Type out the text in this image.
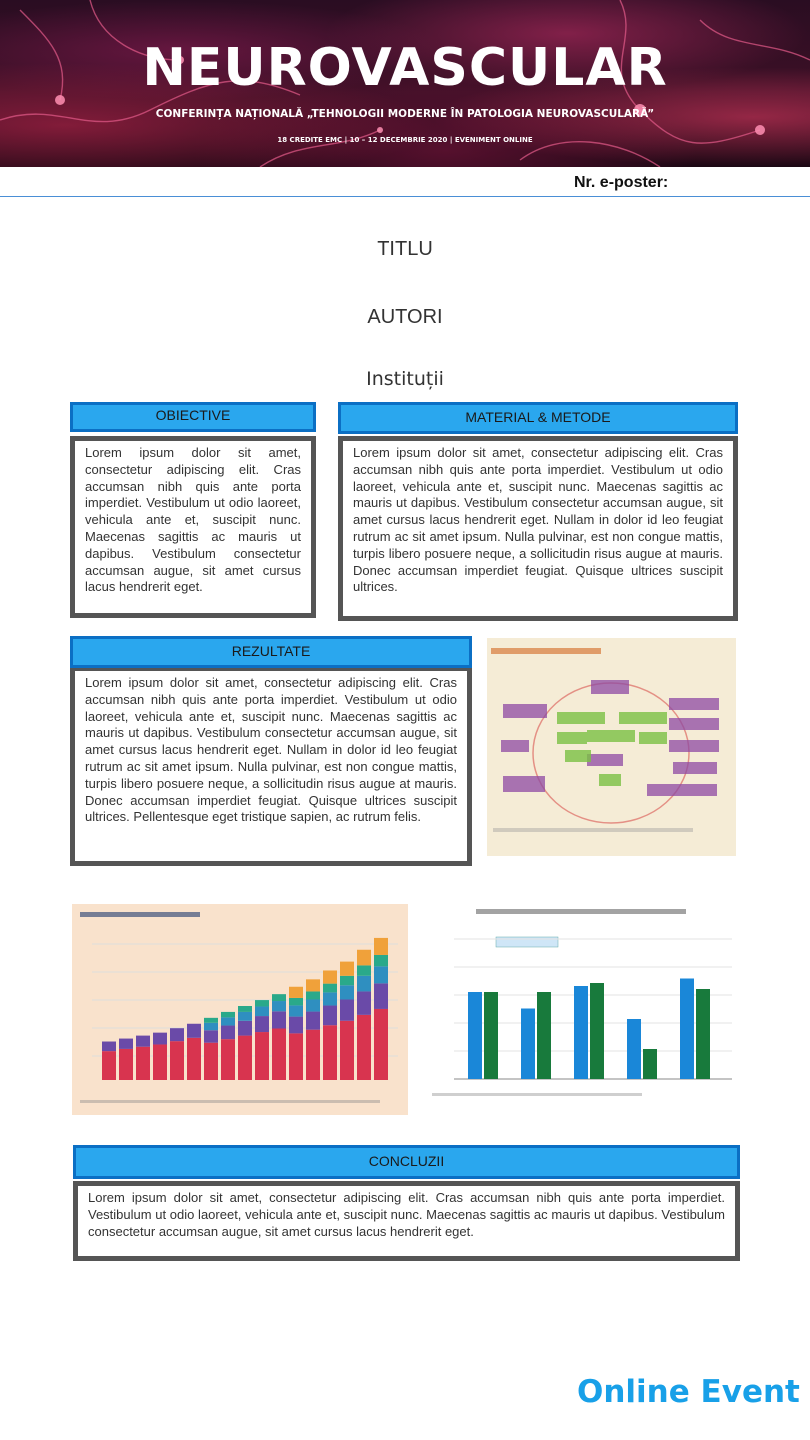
NEUROVASCULAR
CONFERINȚA NAȚIONALĂ „TEHNOLOGII MODERNE ÎN PATOLOGIA NEUROVASCULARĂ”
18 CREDITE EMC | 10 – 12 DECEMBRIE 2020 | EVENIMENT ONLINE
Nr. e-poster:
TITLU
AUTORI
Instituții
OBIECTIVE
Lorem ipsum dolor sit amet, consectetur adipiscing elit. Cras accumsan nibh quis ante porta imperdiet. Vestibulum ut odio laoreet, vehicula ante et, suscipit nunc. Maecenas sagittis ac mauris ut dapibus. Vestibulum consectetur accumsan augue, sit amet cursus lacus hendrerit eget.
MATERIAL & METODE
Lorem ipsum dolor sit amet, consectetur adipiscing elit. Cras accumsan nibh quis ante porta imperdiet. Vestibulum ut odio laoreet, vehicula ante et, suscipit nunc. Maecenas sagittis ac mauris ut dapibus. Vestibulum consectetur accumsan augue, sit amet cursus lacus hendrerit eget. Nullam in dolor id leo feugiat rutrum ac sit amet ipsum. Nulla pulvinar, est non congue mattis, turpis libero posuere neque, a sollicitudin risus augue at mauris. Donec accumsan imperdiet feugiat. Quisque ultrices suscipit ultrices.
REZULTATE
Lorem ipsum dolor sit amet, consectetur adipiscing elit. Cras accumsan nibh quis ante porta imperdiet. Vestibulum ut odio laoreet, vehicula ante et, suscipit nunc. Maecenas sagittis ac mauris ut dapibus. Vestibulum consectetur accumsan augue, sit amet cursus lacus hendrerit eget. Nullam in dolor id leo feugiat rutrum ac sit amet ipsum. Nulla pulvinar, est non congue mattis, turpis libero posuere neque, a sollicitudin risus augue at mauris. Donec accumsan imperdiet feugiat. Quisque ultrices suscipit ultrices. Pellentesque eget tristique sapien, ac rutrum felis.
CONCLUZII
Lorem ipsum dolor sit amet, consectetur adipiscing elit. Cras accumsan nibh quis ante porta imperdiet. Vestibulum ut odio laoreet, vehicula ante et, suscipit nunc. Maecenas sagittis ac mauris ut dapibus. Vestibulum consectetur accumsan augue, sit amet cursus lacus hendrerit eget.
Online Event
